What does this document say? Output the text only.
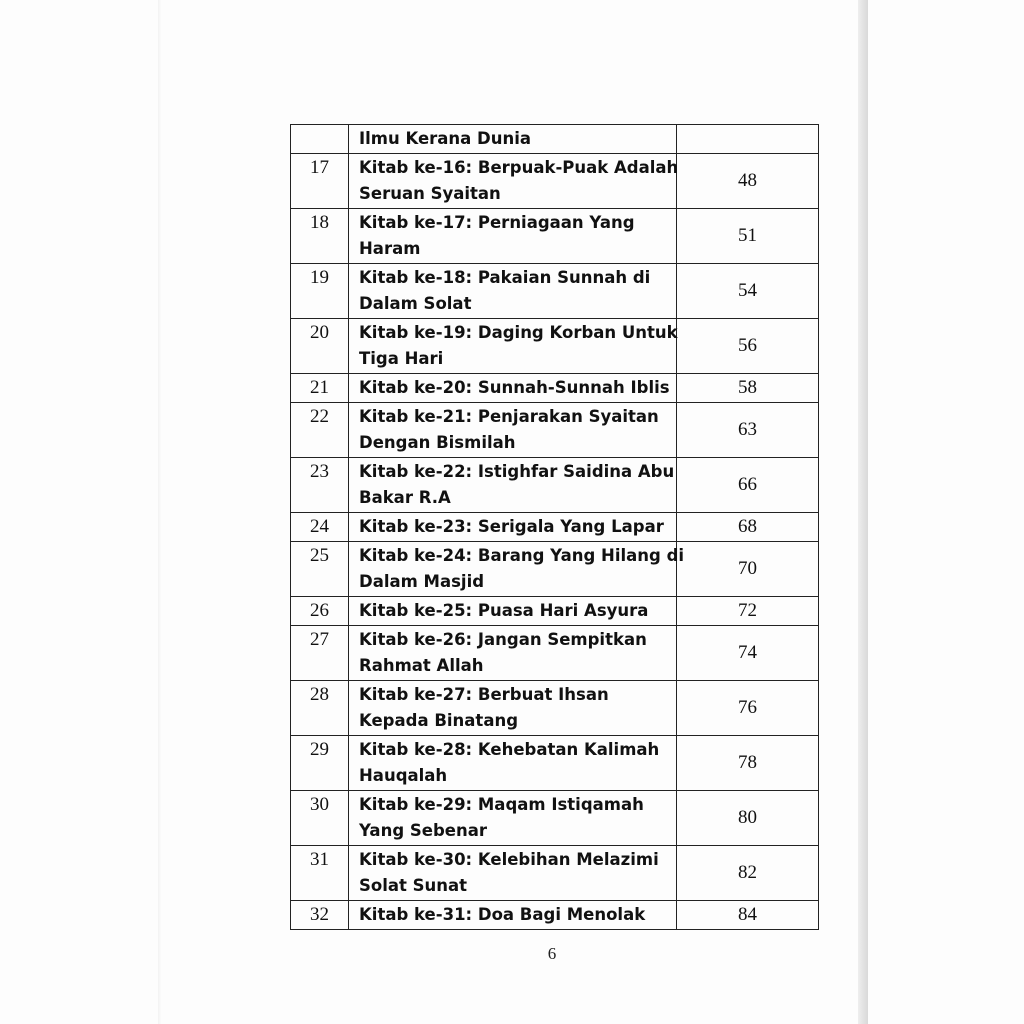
	Ilmu Kerana Dunia	
17	Kitab ke-16: Berpuak-Puak Adalah
Seruan Syaitan	48
18	Kitab ke-17: Perniagaan Yang
Haram	51
19	Kitab ke-18: Pakaian Sunnah di
Dalam Solat	54
20	Kitab ke-19: Daging Korban Untuk
Tiga Hari	56
21	Kitab ke-20: Sunnah-Sunnah Iblis	58
22	Kitab ke-21: Penjarakan Syaitan
Dengan Bismilah	63
23	Kitab ke-22: Istighfar Saidina Abu
Bakar R.A	66
24	Kitab ke-23: Serigala Yang Lapar	68
25	Kitab ke-24: Barang Yang Hilang di
Dalam Masjid	70
26	Kitab ke-25: Puasa Hari Asyura	72
27	Kitab ke-26: Jangan Sempitkan
Rahmat Allah	74
28	Kitab ke-27: Berbuat Ihsan
Kepada Binatang	76
29	Kitab ke-28: Kehebatan Kalimah
Hauqalah	78
30	Kitab ke-29: Maqam Istiqamah
Yang Sebenar	80
31	Kitab ke-30: Kelebihan Melazimi
Solat Sunat	82
32	Kitab ke-31: Doa Bagi Menolak	84
6
